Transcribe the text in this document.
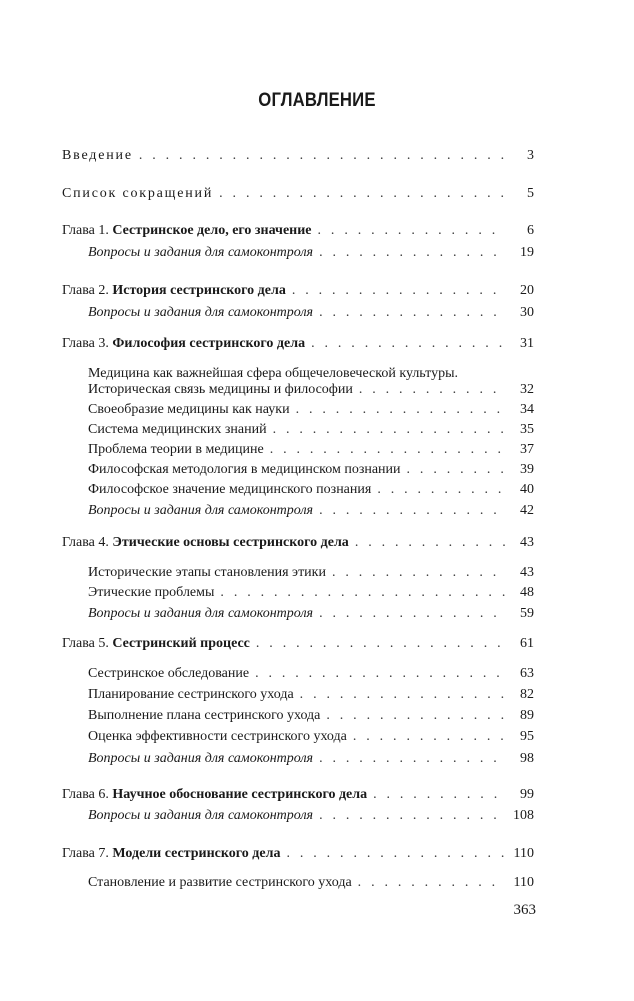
ОГЛАВЛЕНИЕ
Введение . . .	3
Список сокращений . . .	5
Глава 1. Сестринское дело, его значение . . .	6
Вопросы и задания для самоконтроля . . .	19
Глава 2. История сестринского дела . . .	20
Вопросы и задания для самоконтроля . . .	30
Глава 3. Философия сестринского дела . . .	31
Медицина как важнейшая сфера общечеловеческой культуры.
Историческая связь медицины и философии . . .	32
Своеобразие медицины как науки . . .	34
Система медицинских знаний . . .	35
Проблема теории в медицине . . .	37
Философская методология в медицинском познании . . .	39
Философское значение медицинского познания . . .	40
Вопросы и задания для самоконтроля . . .	42
Глава 4. Этические основы сестринского дела . . .	43
Исторические этапы становления этики . . .	43
Этические проблемы . . .	48
Вопросы и задания для самоконтроля . . .	59
Глава 5. Сестринский процесс . . .	61
Сестринское обследование . . .	63
Планирование сестринского ухода . . .	82
Выполнение плана сестринского ухода . . .	89
Оценка эффективности сестринского ухода . . .	95
Вопросы и задания для самоконтроля . . .	98
Глава 6. Научное обоснование сестринского дела . . .	99
Вопросы и задания для самоконтроля . . .	108
Глава 7. Модели сестринского дела . . .	110
Становление и развитие сестринского ухода . . .	110
363
